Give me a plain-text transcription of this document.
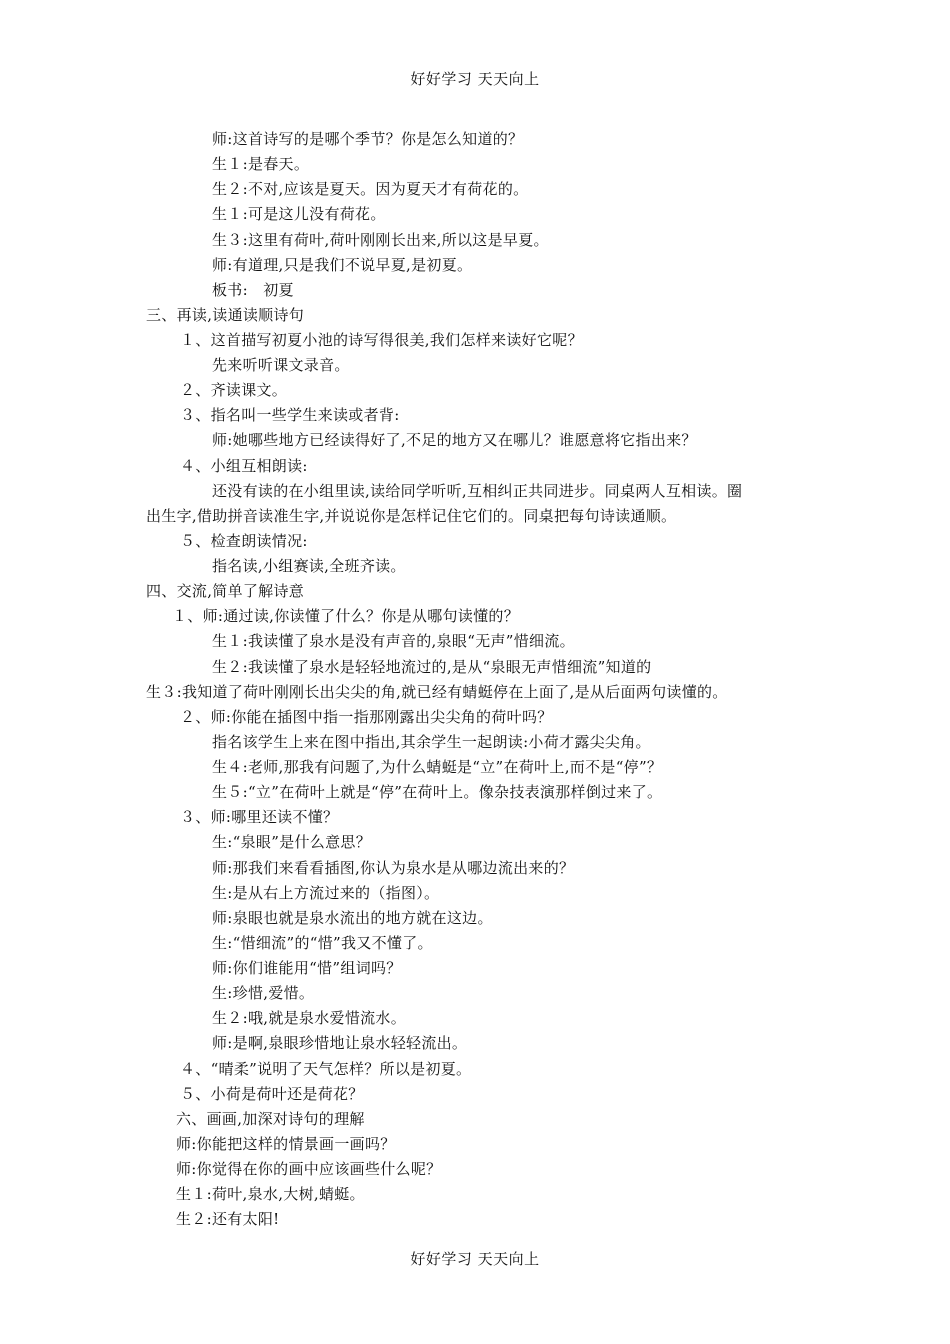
好好学习 天天向上
师:这首诗写的是哪个季节？你是怎么知道的？
生１:是春天。
生２:不对,应该是夏天。因为夏天才有荷花的。
生１:可是这儿没有荷花。
生３:这里有荷叶,荷叶刚刚长出来,所以这是早夏。
师:有道理,只是我们不说早夏,是初夏。
板书:　初夏
三、再读,读通读顺诗句
１、这首描写初夏小池的诗写得很美,我们怎样来读好它呢？
先来听听课文录音。
２、齐读课文。
３、指名叫一些学生来读或者背:
师:她哪些地方已经读得好了,不足的地方又在哪儿？谁愿意将它指出来？
４、小组互相朗读:
还没有读的在小组里读,读给同学听听,互相纠正共同进步。同桌两人互相读。圈
出生字,借助拼音读准生字,并说说你是怎样记住它们的。同桌把每句诗读通顺。
５、检查朗读情况:
指名读,小组赛读,全班齐读。
四、交流,简单了解诗意
１、师:通过读,你读懂了什么？你是从哪句读懂的？
生１:我读懂了泉水是没有声音的,泉眼“无声”惜细流。
生２:我读懂了泉水是轻轻地流过的,是从“泉眼无声惜细流”知道的
生３:我知道了荷叶刚刚长出尖尖的角,就已经有蜻蜓停在上面了,是从后面两句读懂的。
２、师:你能在插图中指一指那刚露出尖尖角的荷叶吗？
指名该学生上来在图中指出,其余学生一起朗读:小荷才露尖尖角。
生４:老师,那我有问题了,为什么蜻蜓是“立”在荷叶上,而不是“停”？
生５:“立”在荷叶上就是“停”在荷叶上。像杂技表演那样倒过来了。
３、师:哪里还读不懂？
生:“泉眼”是什么意思？
师:那我们来看看插图,你认为泉水是从哪边流出来的？
生:是从右上方流过来的（指图）。
师:泉眼也就是泉水流出的地方就在这边。
生:“惜细流”的“惜”我又不懂了。
师:你们谁能用“惜”组词吗？
生:珍惜,爱惜。
生２:哦,就是泉水爱惜流水。
师:是啊,泉眼珍惜地让泉水轻轻流出。
４、“晴柔”说明了天气怎样？所以是初夏。
５、小荷是荷叶还是荷花？
六、画画,加深对诗句的理解
师:你能把这样的情景画一画吗？
师:你觉得在你的画中应该画些什么呢？
生１:荷叶,泉水,大树,蜻蜓。
生２:还有太阳!
好好学习 天天向上
